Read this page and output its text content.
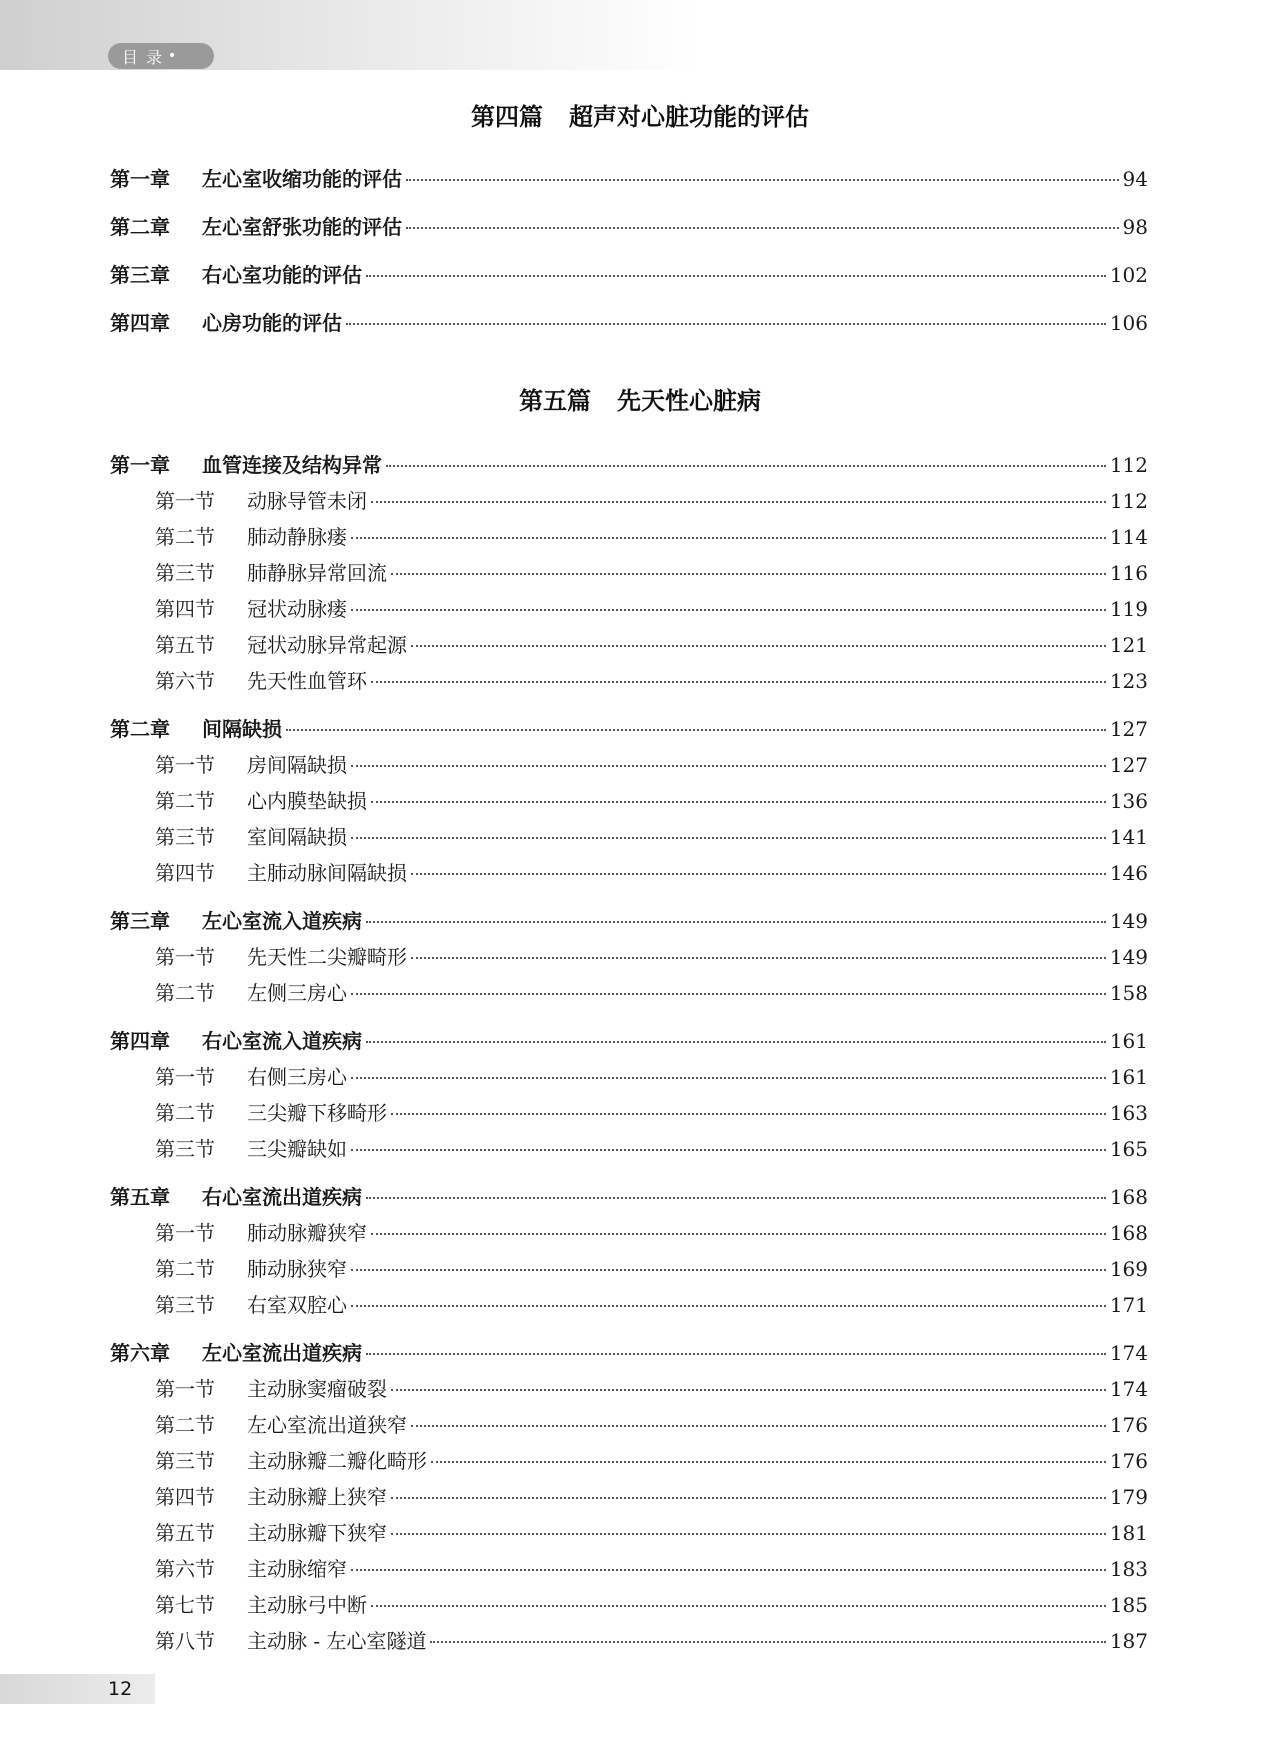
目录
•
第四篇 超声对心脏功能的评估
第一章	左心室收缩功能的评估	94
第二章	左心室舒张功能的评估	98
第三章	右心室功能的评估	102
第四章	心房功能的评估	106
第五篇 先天性心脏病
第一章	血管连接及结构异常	112
第一节	动脉导管未闭	112
第二节	肺动静脉瘘	114
第三节	肺静脉异常回流	116
第四节	冠状动脉瘘	119
第五节	冠状动脉异常起源	121
第六节	先天性血管环	123
第二章	间隔缺损	127
第一节	房间隔缺损	127
第二节	心内膜垫缺损	136
第三节	室间隔缺损	141
第四节	主肺动脉间隔缺损	146
第三章	左心室流入道疾病	149
第一节	先天性二尖瓣畸形	149
第二节	左侧三房心	158
第四章	右心室流入道疾病	161
第一节	右侧三房心	161
第二节	三尖瓣下移畸形	163
第三节	三尖瓣缺如	165
第五章	右心室流出道疾病	168
第一节	肺动脉瓣狭窄	168
第二节	肺动脉狭窄	169
第三节	右室双腔心	171
第六章	左心室流出道疾病	174
第一节	主动脉窦瘤破裂	174
第二节	左心室流出道狭窄	176
第三节	主动脉瓣二瓣化畸形	176
第四节	主动脉瓣上狭窄	179
第五节	主动脉瓣下狭窄	181
第六节	主动脉缩窄	183
第七节	主动脉弓中断	185
第八节	主动脉 - 左心室隧道	187
12
